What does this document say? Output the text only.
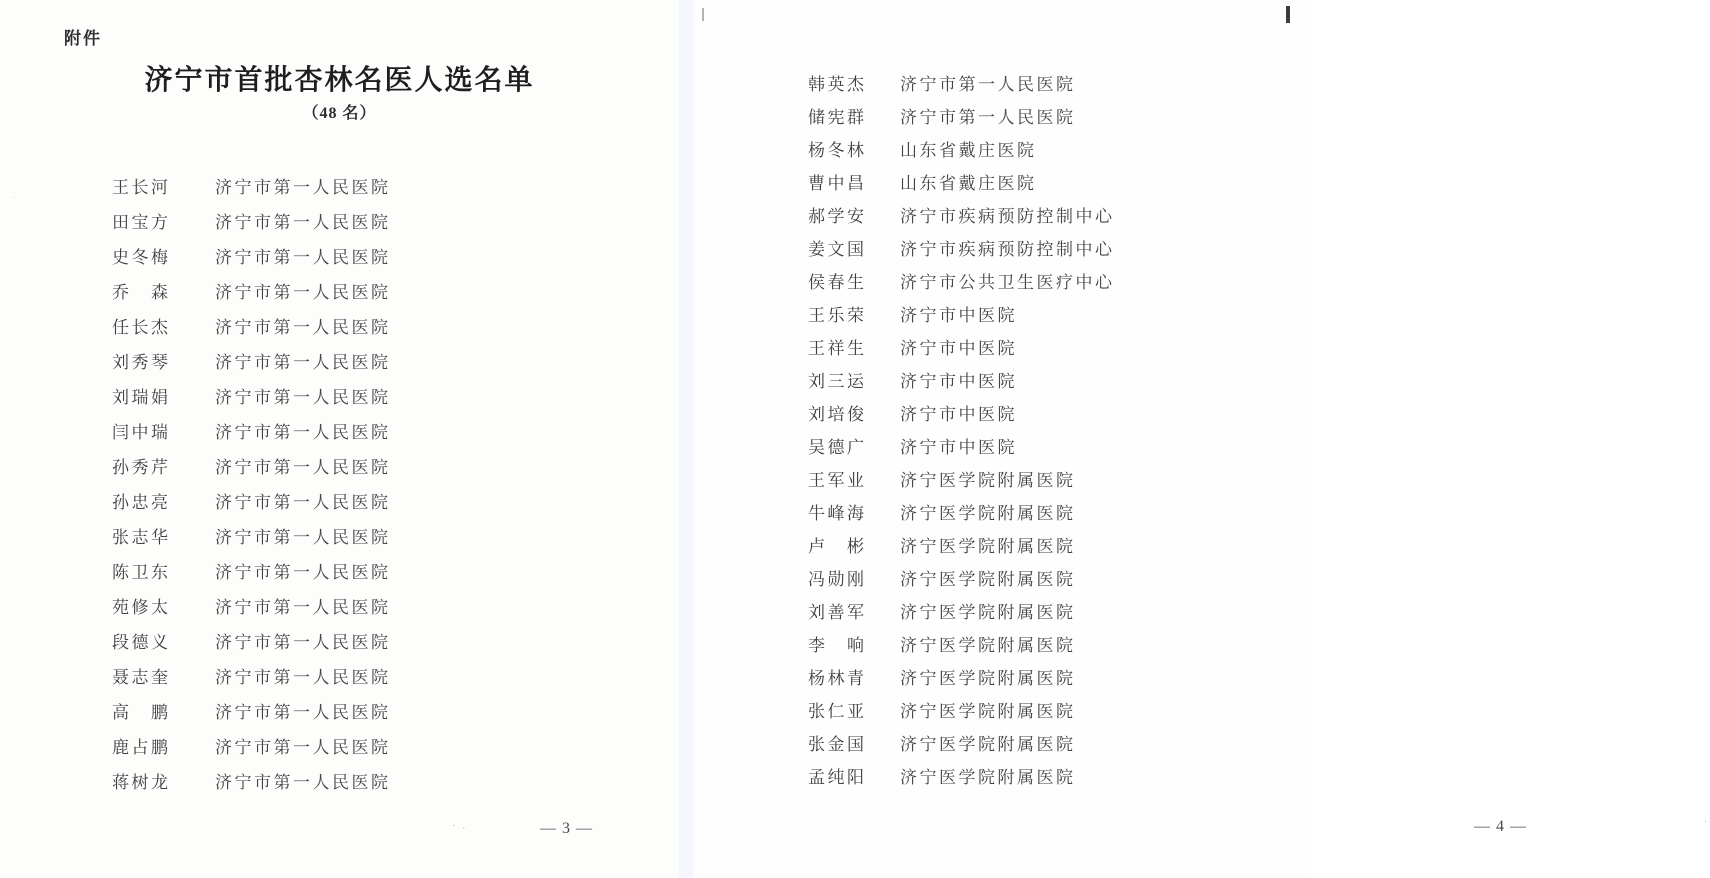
附件
济宁市首批杏林名医人选名单
（48 名）
王长河	济宁市第一人民医院
田宝方	济宁市第一人民医院
史冬梅	济宁市第一人民医院
乔　森	济宁市第一人民医院
任长杰	济宁市第一人民医院
刘秀琴	济宁市第一人民医院
刘瑞娟	济宁市第一人民医院
闫中瑞	济宁市第一人民医院
孙秀芹	济宁市第一人民医院
孙忠亮	济宁市第一人民医院
张志华	济宁市第一人民医院
陈卫东	济宁市第一人民医院
苑修太	济宁市第一人民医院
段德义	济宁市第一人民医院
聂志奎	济宁市第一人民医院
高　鹏	济宁市第一人民医院
鹿占鹏	济宁市第一人民医院
蒋树龙	济宁市第一人民医院
— 3 —
· .
·
韩英杰	济宁市第一人民医院
储宪群	济宁市第一人民医院
杨冬林	山东省戴庄医院
曹中昌	山东省戴庄医院
郝学安	济宁市疾病预防控制中心
姜文国	济宁市疾病预防控制中心
侯春生	济宁市公共卫生医疗中心
王乐荣	济宁市中医院
王祥生	济宁市中医院
刘三运	济宁市中医院
刘培俊	济宁市中医院
吴德广	济宁市中医院
王军业	济宁医学院附属医院
牛峰海	济宁医学院附属医院
卢　彬	济宁医学院附属医院
冯勋刚	济宁医学院附属医院
刘善军	济宁医学院附属医院
李　响	济宁医学院附属医院
杨林青	济宁医学院附属医院
张仁亚	济宁医学院附属医院
张金国	济宁医学院附属医院
孟纯阳	济宁医学院附属医院
— 4 —	·
